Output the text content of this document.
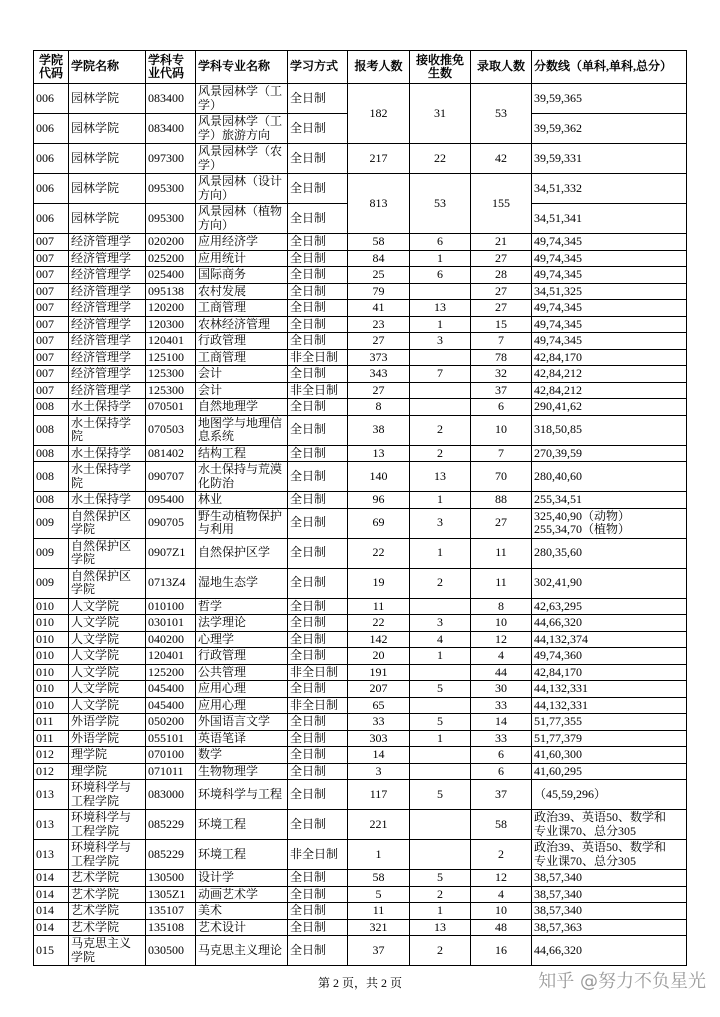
学院代码	学院名称	学科专业代码	学科专业名称	学习方式	报考人数	接收推免生数	录取人数	分数线（单科,单科,总分）
006	园林学院	083400	风景园林学（工学）	全日制	182	31	53	39,59,365
006	园林学院	083400	风景园林学（工学）旅游方向	全日制				39,59,362
006	园林学院	097300	风景园林学（农学）	全日制	217	22	42	39,59,331
006	园林学院	095300	风景园林（设计方向）	全日制	813	53	155	34,51,332
006	园林学院	095300	风景园林（植物方向）	全日制				34,51,341
007	经济管理学	020200	应用经济学	全日制	58	6	21	49,74,345
007	经济管理学	025200	应用统计	全日制	84	1	27	49,74,345
007	经济管理学	025400	国际商务	全日制	25	6	28	49,74,345
007	经济管理学	095138	农村发展	全日制	79		27	34,51,325
007	经济管理学	120200	工商管理	全日制	41	13	27	49,74,345
007	经济管理学	120300	农林经济管理	全日制	23	1	15	49,74,345
007	经济管理学	120401	行政管理	全日制	27	3	7	49,74,345
007	经济管理学	125100	工商管理	非全日制	373		78	42,84,170
007	经济管理学	125300	会计	全日制	343	7	32	42,84,212
007	经济管理学	125300	会计	非全日制	27		37	42,84,212
008	水土保持学	070501	自然地理学	全日制	8		6	290,41,62
008	水土保持学院	070503	地图学与地理信息系统	全日制	38	2	10	318,50,85
008	水土保持学	081402	结构工程	全日制	13	2	7	270,39,59
008	水土保持学院	090707	水土保持与荒漠化防治	全日制	140	13	70	280,40,60
008	水土保持学	095400	林业	全日制	96	1	88	255,34,51
009	自然保护区学院	090705	野生动植物保护与利用	全日制	69	3	27	325,40,90（动物）
255,34,70（植物）
009	自然保护区学院	0907Z1	自然保护区学	全日制	22	1	11	280,35,60
009	自然保护区学院	0713Z4	湿地生态学	全日制	19	2	11	302,41,90
010	人文学院	010100	哲学	全日制	11		8	42,63,295
010	人文学院	030101	法学理论	全日制	22	3	10	44,66,320
010	人文学院	040200	心理学	全日制	142	4	12	44,132,374
010	人文学院	120401	行政管理	全日制	20	1	4	49,74,360
010	人文学院	125200	公共管理	非全日制	191		44	42,84,170
010	人文学院	045400	应用心理	全日制	207	5	30	44,132,331
010	人文学院	045400	应用心理	非全日制	65		33	44,132,331
011	外语学院	050200	外国语言文学	全日制	33	5	14	51,77,355
011	外语学院	055101	英语笔译	全日制	303	1	33	51,77,379
012	理学院	070100	数学	全日制	14		6	41,60,300
012	理学院	071011	生物物理学	全日制	3		6	41,60,295
013	环境科学与工程学院	083000	环境科学与工程	全日制	117	5	37	（45,59,296）
013	环境科学与工程学院	085229	环境工程	全日制	221		58	政治39、英语50、数学和专业课70、总分305
013	环境科学与工程学院	085229	环境工程	非全日制	1		2	政治39、英语50、数学和专业课70、总分305
014	艺术学院	130500	设计学	全日制	58	5	12	38,57,340
014	艺术学院	1305Z1	动画艺术学	全日制	5	2	4	38,57,340
014	艺术学院	135107	美术	全日制	11	1	10	38,57,340
014	艺术学院	135108	艺术设计	全日制	321	13	48	38,57,363
015	马克思主义学院	030500	马克思主义理论	全日制	37	2	16	44,66,320
第 2 页，共 2 页	知乎 @努力不负星光
